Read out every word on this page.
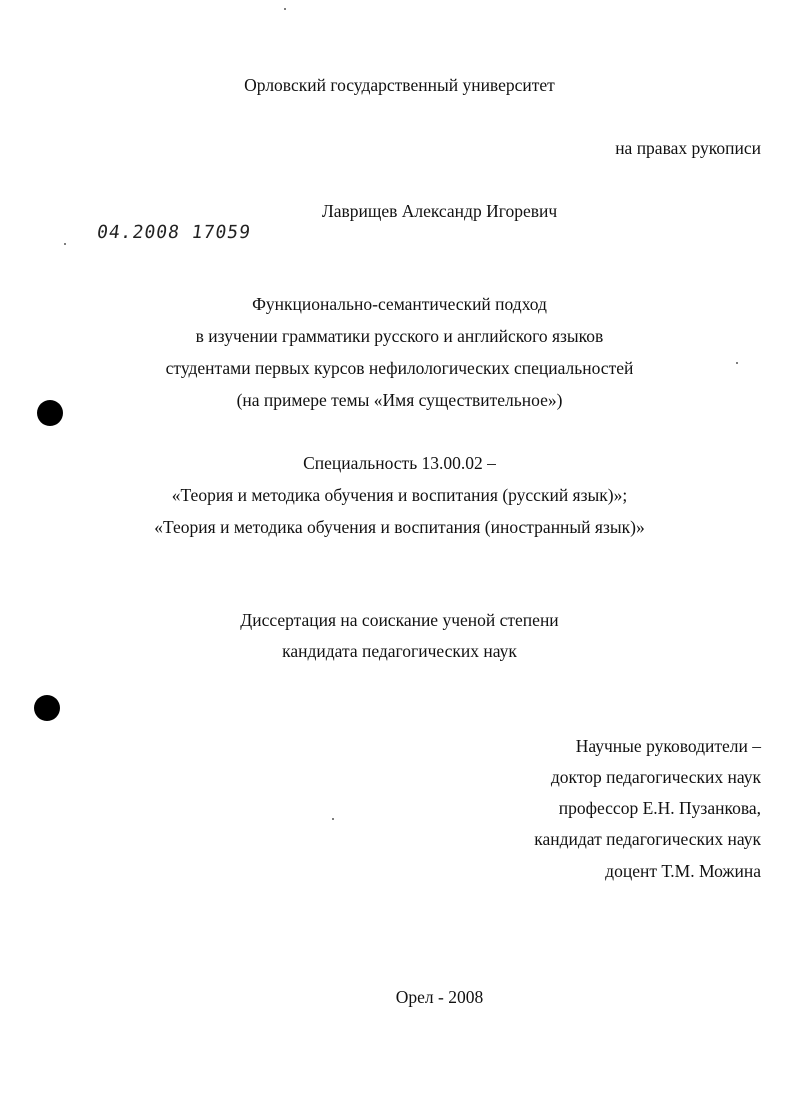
Орловский государственный университет
на правах рукописи
Лаврищев Александр Игоревич
04.2008 17059
Функционально-семантический подход
в изучении грамматики русского и английского языков
студентами первых курсов нефилологических специальностей
(на примере темы «Имя существительное»)
Специальность 13.00.02 –
«Теория и методика обучения и воспитания (русский язык)»;
«Теория и методика обучения и воспитания (иностранный язык)»
Диссертация на соискание ученой степени
кандидата педагогических наук
Научные руководители –
доктор педагогических наук
профессор Е.Н. Пузанкова,
кандидат педагогических наук
доцент Т.М. Можина
Орел - 2008
